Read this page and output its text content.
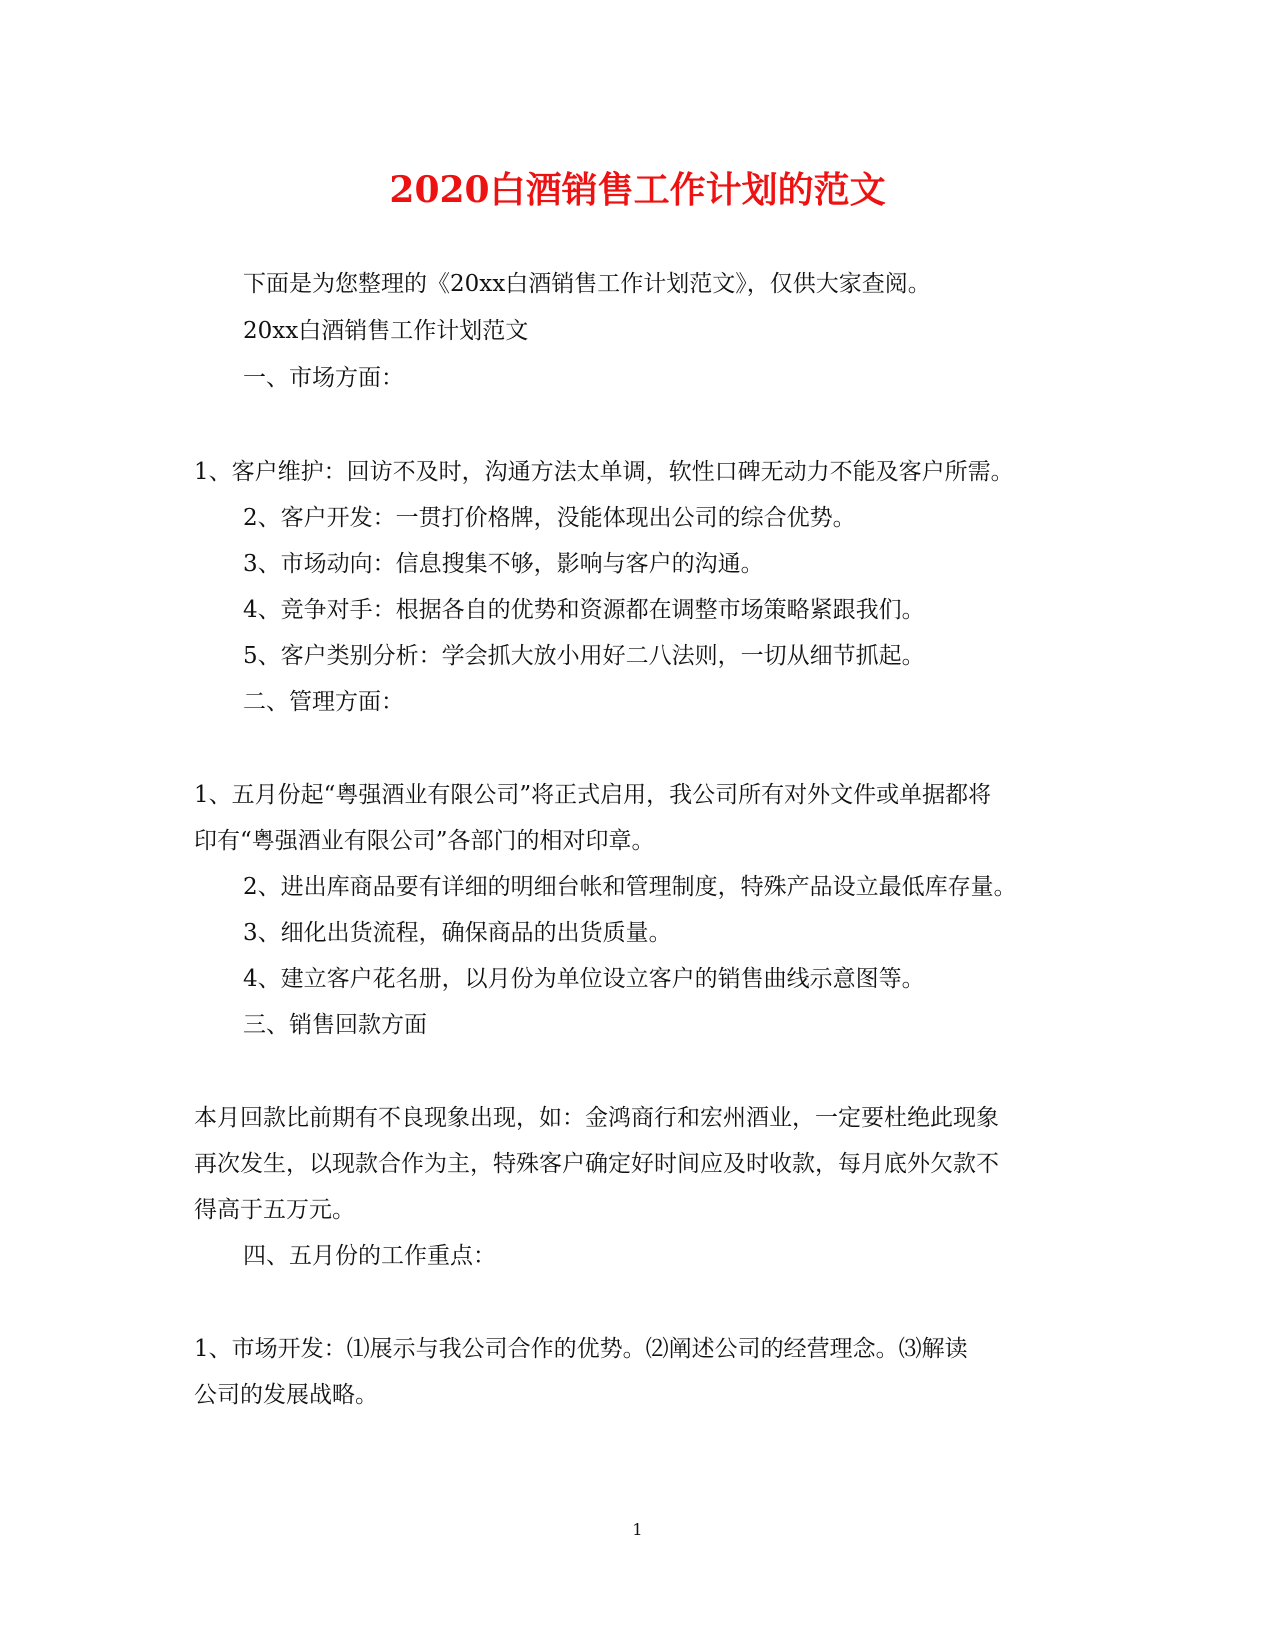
2020白酒销售工作计划的范文

下面是为您整理的《20xx白酒销售工作计划范文》，仅供大家查阅。

20xx白酒销售工作计划范文

一、市场方面：

1、客户维护：回访不及时，沟通方法太单调，软性口碑无动力不能及客户所需。

2、客户开发：一贯打价格牌，没能体现出公司的综合优势。

3、市场动向：信息搜集不够，影响与客户的沟通。

4、竞争对手：根据各自的优势和资源都在调整市场策略紧跟我们。

5、客户类别分析：学会抓大放小用好二八法则，一切从细节抓起。

二、管理方面：

1、五月份起“粤强酒业有限公司”将正式启用，我公司所有对外文件或单据都将

印有“粤强酒业有限公司”各部门的相对印章。

2、进出库商品要有详细的明细台帐和管理制度，特殊产品设立最低库存量。

3、细化出货流程，确保商品的出货质量。

4、建立客户花名册，以月份为单位设立客户的销售曲线示意图等。

三、销售回款方面

本月回款比前期有不良现象出现，如：金鸿商行和宏州酒业，一定要杜绝此现象

再次发生，以现款合作为主，特殊客户确定好时间应及时收款，每月底外欠款不

得高于五万元。

四、五月份的工作重点：

1、市场开发：⑴展示与我公司合作的优势。⑵阐述公司的经营理念。⑶解读

公司的发展战略。

1
